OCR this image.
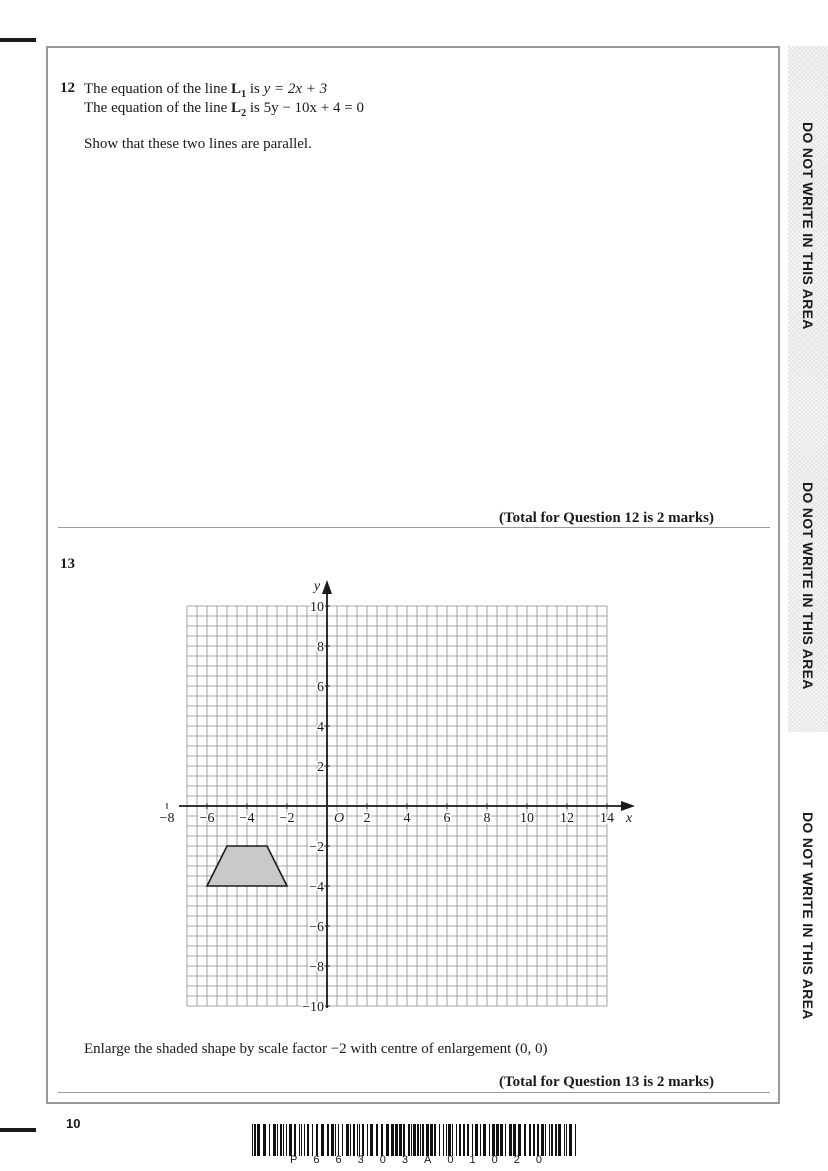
DO NOT WRITE IN THIS AREA
DO NOT WRITE IN THIS AREA
DO NOT WRITE IN THIS AREA
12 The equation of the line $L_1$ is y = 2x + 3
The equation of the line $L_2$ is 5y − 10x + 4 = 0
Show that these two lines are parallel.
(Total for Question 12 is 2 marks)
13
−8 −6 −4 −2	2 4 6 8 10 12 14
10
8
6
4
2
−2
−4
−6
−8
−10
O	x
y
Enlarge the shaded shape by scale factor −2 with centre of enlargement (0, 0)
(Total for Question 13 is 2 marks)
10
P 6 6 3 0 3 A 0 1 0 2 0
